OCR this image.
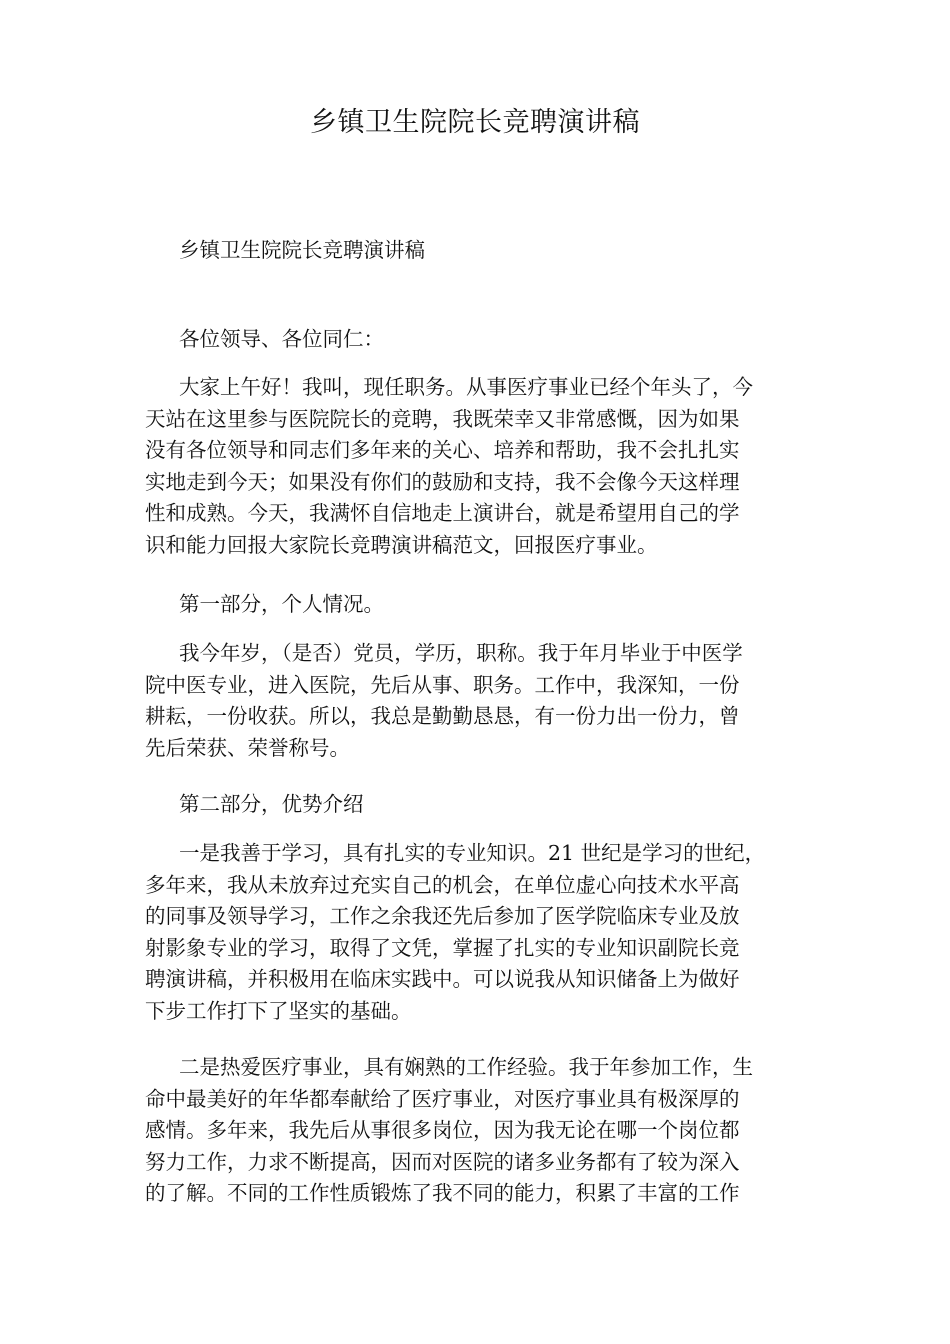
乡镇卫生院院长竞聘演讲稿

乡镇卫生院院长竞聘演讲稿

各位领导、各位同仁：

大家上午好！我叫，现任职务。从事医疗事业已经个年头了，今
天站在这里参与医院院长的竞聘，我既荣幸又非常感慨，因为如果
没有各位领导和同志们多年来的关心、培养和帮助，我不会扎扎实
实地走到今天；如果没有你们的鼓励和支持，我不会像今天这样理
性和成熟。今天，我满怀自信地走上演讲台，就是希望用自己的学
识和能力回报大家院长竞聘演讲稿范文，回报医疗事业。

第一部分，个人情况。

我今年岁，（是否）党员，学历，职称。我于年月毕业于中医学
院中医专业，进入医院，先后从事、职务。工作中，我深知，一份
耕耘，一份收获。所以，我总是勤勤恳恳，有一份力出一份力，曾
先后荣获、荣誉称号。

第二部分，优势介绍

一是我善于学习，具有扎实的专业知识。21 世纪是学习的世纪，
多年来，我从未放弃过充实自己的机会，在单位虚心向技术水平高
的同事及领导学习，工作之余我还先后参加了医学院临床专业及放
射影象专业的学习，取得了文凭，掌握了扎实的专业知识副院长竞
聘演讲稿，并积极用在临床实践中。可以说我从知识储备上为做好
下步工作打下了坚实的基础。

二是热爱医疗事业，具有娴熟的工作经验。我于年参加工作，生
命中最美好的年华都奉献给了医疗事业，对医疗事业具有极深厚的
感情。多年来，我先后从事很多岗位，因为我无论在哪一个岗位都
努力工作，力求不断提高，因而对医院的诸多业务都有了较为深入
的了解。不同的工作性质锻炼了我不同的能力，积累了丰富的工作
